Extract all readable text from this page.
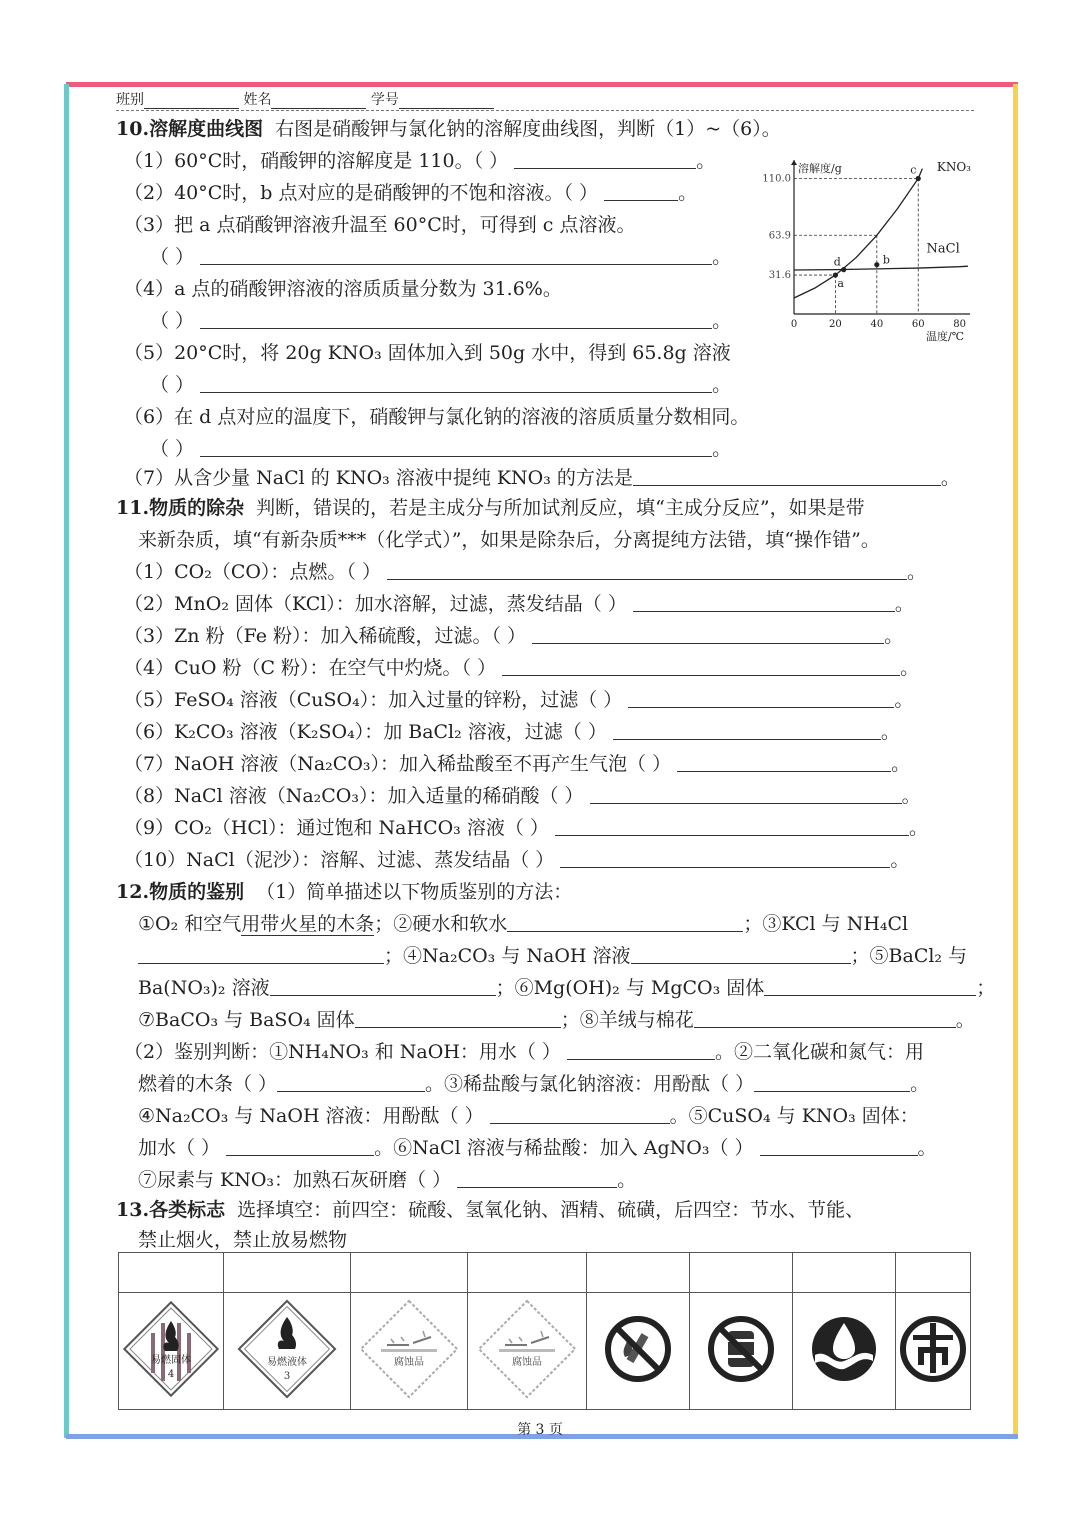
班别	姓名	学号
10.溶解度曲线图 右图是硝酸钾与氯化钠的溶解度曲线图，判断（1）~（6）。
（1）60°C时，硝酸钾的溶解度是 110。（ ）	。
（2）40°C时，b 点对应的是硝酸钾的不饱和溶液。（ ）	。
（3）把 a 点硝酸钾溶液升温至 60°C时，可得到 c 点溶液。
（ ）	。
（4）a 点的硝酸钾溶液的溶质质量分数为 31.6%。
（ ）	。
（5）20°C时，将 20g KNO₃ 固体加入到 50g 水中，得到 65.8g 溶液
（ ）	。
（6）在 d 点对应的温度下，硝酸钾与氯化钠的溶液的溶质质量分数相同。
（ ）	。
（7）从含少量 NaCl 的 KNO₃ 溶液中提纯 KNO₃ 的方法是	。
溶解度/g
温度/℃
0	20	40	60	80
110.0
63.9
31.6
KNO₃
NaCl
a
b
c
d
11.物质的除杂 判断，错误的，若是主成分与所加试剂反应，填“主成分反应”，如果是带
来新杂质，填“有新杂质***（化学式）”，如果是除杂后，分离提纯方法错，填“操作错”。
（1）CO₂（CO）：点燃。（ ）	。
（2）MnO₂ 固体（KCl）：加水溶解，过滤，蒸发结晶（ ）	。
（3）Zn 粉（Fe 粉）：加入稀硫酸，过滤。（ ）	。
（4）CuO 粉（C 粉）：在空气中灼烧。（ ）	。
（5）FeSO₄ 溶液（CuSO₄）：加入过量的锌粉，过滤（ ）	。
（6）K₂CO₃ 溶液（K₂SO₄）：加 BaCl₂ 溶液，过滤（ ）	。
（7）NaOH 溶液（Na₂CO₃）：加入稀盐酸至不再产生气泡（ ）	。
（8）NaCl 溶液（Na₂CO₃）：加入适量的稀硝酸（ ）	。
（9）CO₂（HCl）：通过饱和 NaHCO₃ 溶液（ ）	。
（10）NaCl（泥沙）：溶解、过滤、蒸发结晶（ ）	。
12.物质的鉴别 （1）简单描述以下物质鉴别的方法：
①O₂ 和空气用带火星的木条；②硬水和软水	；③KCl 与 NH₄Cl
；④Na₂CO₃ 与 NaOH 溶液	；⑤BaCl₂ 与
Ba(NO₃)₂ 溶液	；⑥Mg(OH)₂ 与 MgCO₃ 固体	；
⑦BaCO₃ 与 BaSO₄ 固体	；⑧羊绒与棉花	。
（2）鉴别判断：①NH₄NO₃ 和 NaOH：用水（ ）	。②二氧化碳和氮气：用
燃着的木条（ ）	。③稀盐酸与氯化钠溶液：用酚酞（ ）	。
④Na₂CO₃ 与 NaOH 溶液：用酚酞（ ）	。⑤CuSO₄ 与 KNO₃ 固体：
加水（ ）	。⑥NaCl 溶液与稀盐酸：加入 AgNO₃（ ）	。
⑦尿素与 KNO₃：加熟石灰研磨（ ）	。
13.各类标志 选择填空：前四空：硫酸、氢氧化钠、酒精、硫磺，后四空：节水、节能、
禁止烟火，禁止放易燃物

易燃固体
4	易燃液体
3	腐蚀品	腐蚀品

第 3 页
